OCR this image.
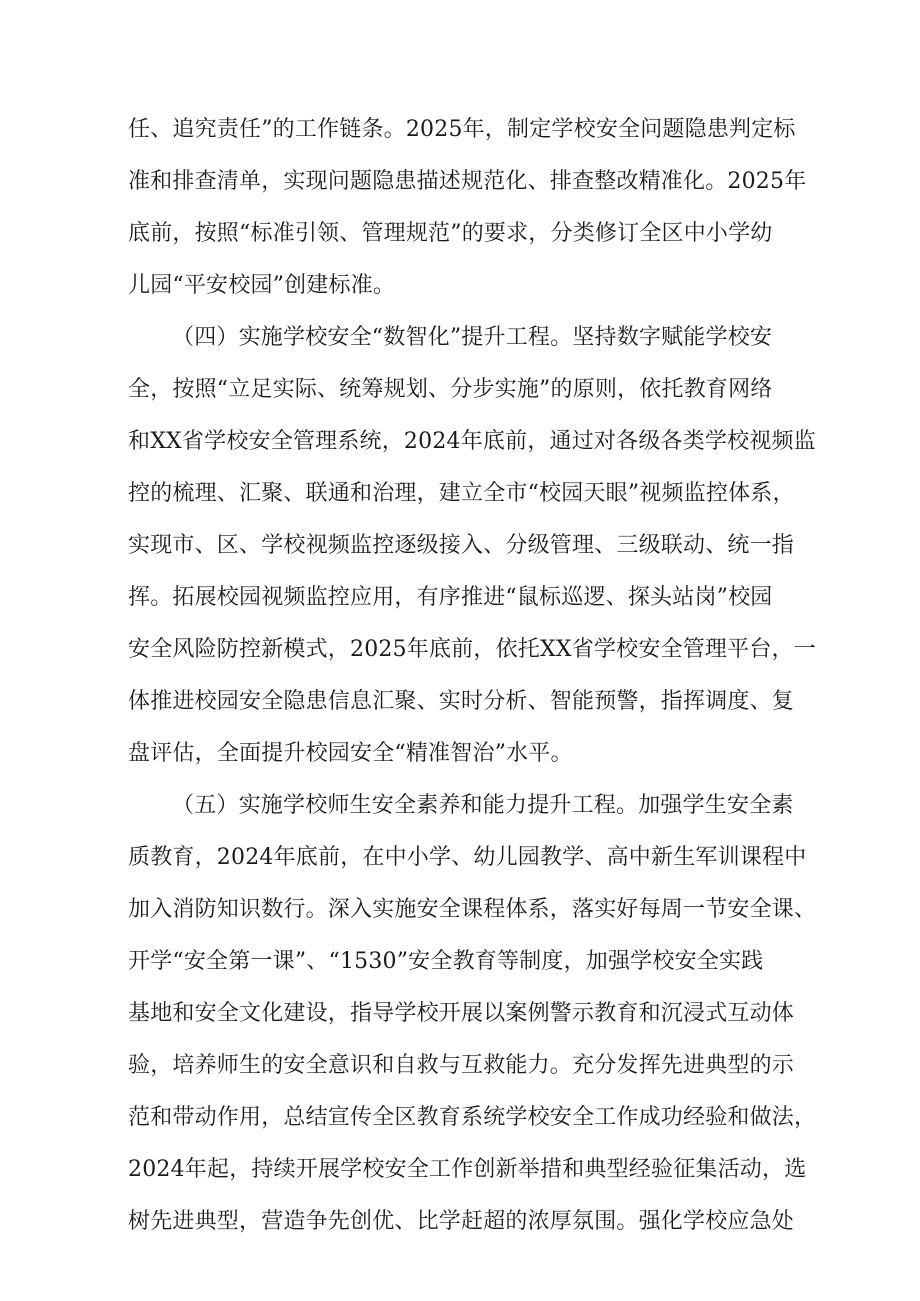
任、追究责任”的工作链条。2025年，制定学校安全问题隐患判定标
准和排查清单，实现问题隐患描述规范化、排查整改精准化。2025年
底前，按照“标准引领、管理规范”的要求，分类修订全区中小学幼
儿园“平安校园”创建标准。
（四）实施学校安全“数智化”提升工程。坚持数字赋能学校安
全，按照“立足实际、统筹规划、分步实施”的原则，依托教育网络
和XX省学校安全管理系统，2024年底前，通过对各级各类学校视频监
控的梳理、汇聚、联通和治理，建立全市“校园天眼”视频监控体系，
实现市、区、学校视频监控逐级接入、分级管理、三级联动、统一指
挥。拓展校园视频监控应用，有序推进“鼠标巡逻、探头站岗”校园
安全风险防控新模式，2025年底前，依托XX省学校安全管理平台，一
体推进校园安全隐患信息汇聚、实时分析、智能预警，指挥调度、复
盘评估，全面提升校园安全“精准智治”水平。
（五）实施学校师生安全素养和能力提升工程。加强学生安全素
质教育，2024年底前，在中小学、幼儿园教学、高中新生军训课程中
加入消防知识数行。深入实施安全课程体系，落实好每周一节安全课、
开学“安全第一课”、“1530”安全教育等制度，加强学校安全实践
基地和安全文化建设，指导学校开展以案例警示教育和沉浸式互动体
验，培养师生的安全意识和自救与互救能力。充分发挥先进典型的示
范和带动作用，总结宣传全区教育系统学校安全工作成功经验和做法，
2024年起，持续开展学校安全工作创新举措和典型经验征集活动，选
树先进典型，营造争先创优、比学赶超的浓厚氛围。强化学校应急处
